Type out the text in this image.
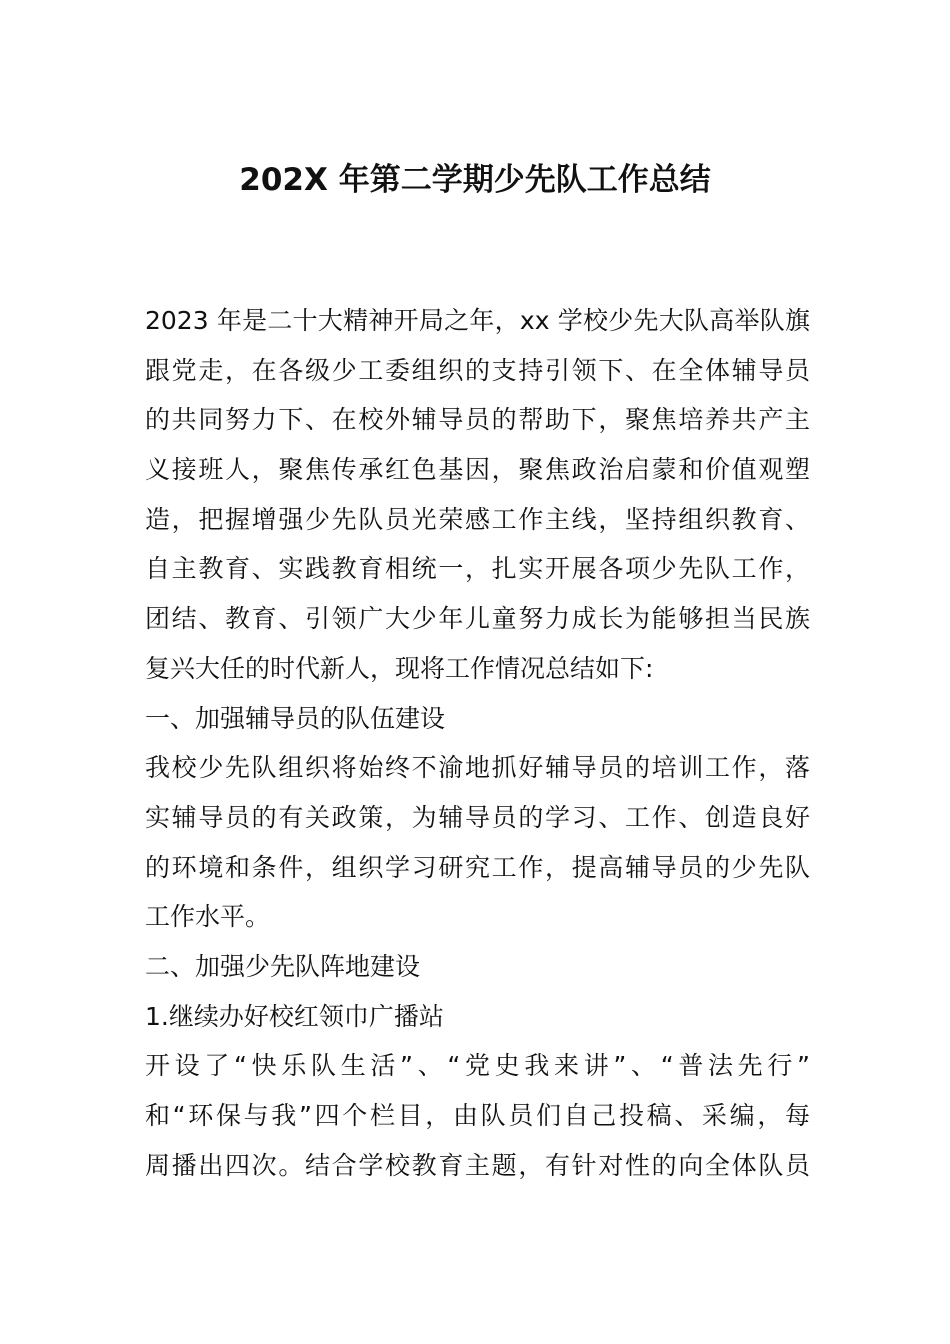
202X 年第二学期少先队工作总结
2023 年是二十大精神开局之年，xx 学校少先大队高举队旗
跟党走，在各级少工委组织的支持引领下、在全体辅导员
的共同努力下、在校外辅导员的帮助下，聚焦培养共产主
义接班人，聚焦传承红色基因，聚焦政治启蒙和价值观塑
造，把握增强少先队员光荣感工作主线，坚持组织教育、
自主教育、实践教育相统一，扎实开展各项少先队工作，
团结、教育、引领广大少年儿童努力成长为能够担当民族
复兴大任的时代新人，现将工作情况总结如下:
一、加强辅导员的队伍建设
我校少先队组织将始终不渝地抓好辅导员的培训工作，落
实辅导员的有关政策，为辅导员的学习、工作、创造良好
的环境和条件，组织学习研究工作，提高辅导员的少先队
工作水平。
二、加强少先队阵地建设
1.继续办好校红领巾广播站
开设了“快乐队生活”、“党史我来讲”、“普法先行”
和“环保与我”四个栏目，由队员们自己投稿、采编，每
周播出四次。结合学校教育主题，有针对性的向全体队员
